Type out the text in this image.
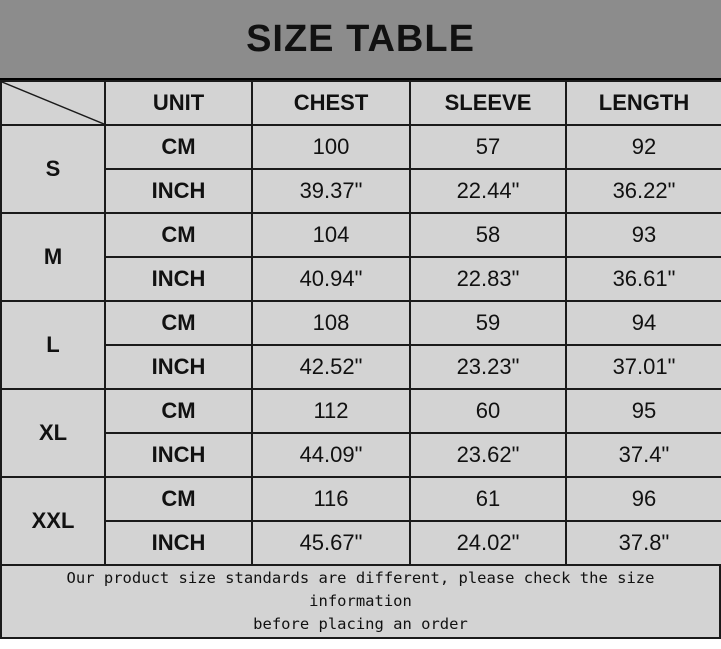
SIZE TABLE
	UNIT	CHEST	SLEEVE	LENGTH
S	CM	100	57	92
	INCH	39.37"	22.44"	36.22"
M	CM	104	58	93
	INCH	40.94"	22.83"	36.61"
L	CM	108	59	94
	INCH	42.52"	23.23"	37.01"
XL	CM	112	60	95
	INCH	44.09"	23.62"	37.4"
XXL	CM	116	61	96
	INCH	45.67"	24.02"	37.8"
Our product size standards are different, please check the size information
before placing an order
